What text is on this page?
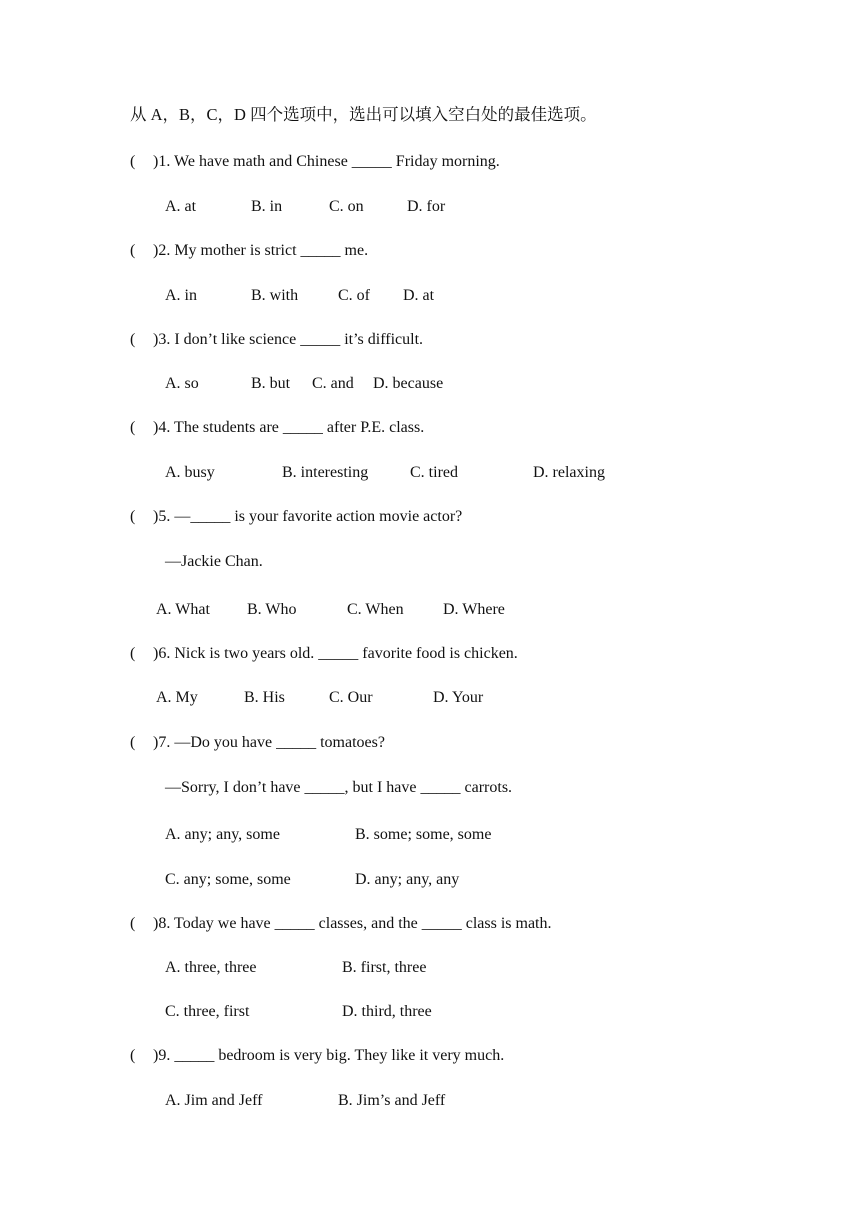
从 A，B，C，D 四个选项中，选出可以填入空白处的最佳选项。
( )1. We have math and Chinese _____ Friday morning.
A. at	B. in	C. on	D. for
( )2. My mother is strict _____ me.
A. in	B. with C. of D. at
( )3. I don’t like science _____ it’s difficult.
A. so	B. but C. and D. because
( )4. The students are _____ after P.E. class.
A. busy	B. interesting	C. tired	D. relaxing
( )5. —_____ is your favorite action movie actor?
—Jackie Chan.
A. What B. Who	C. When D. Where
( )6. Nick is two years old. _____ favorite food is chicken.
A. My	B. His	C. Our	D. Your
( )7. —Do you have _____ tomatoes?
—Sorry, I don’t have _____, but I have _____ carrots.
A. any; any, some	B. some; some, some
C. any; some, some	D. any; any, any
( )8. Today we have _____ classes, and the _____ class is math.
A. three, three	B. first, three
C. three, first	D. third, three
( )9. _____ bedroom is very big. They like it very much.
A. Jim and Jeff	B. Jim’s and Jeff
